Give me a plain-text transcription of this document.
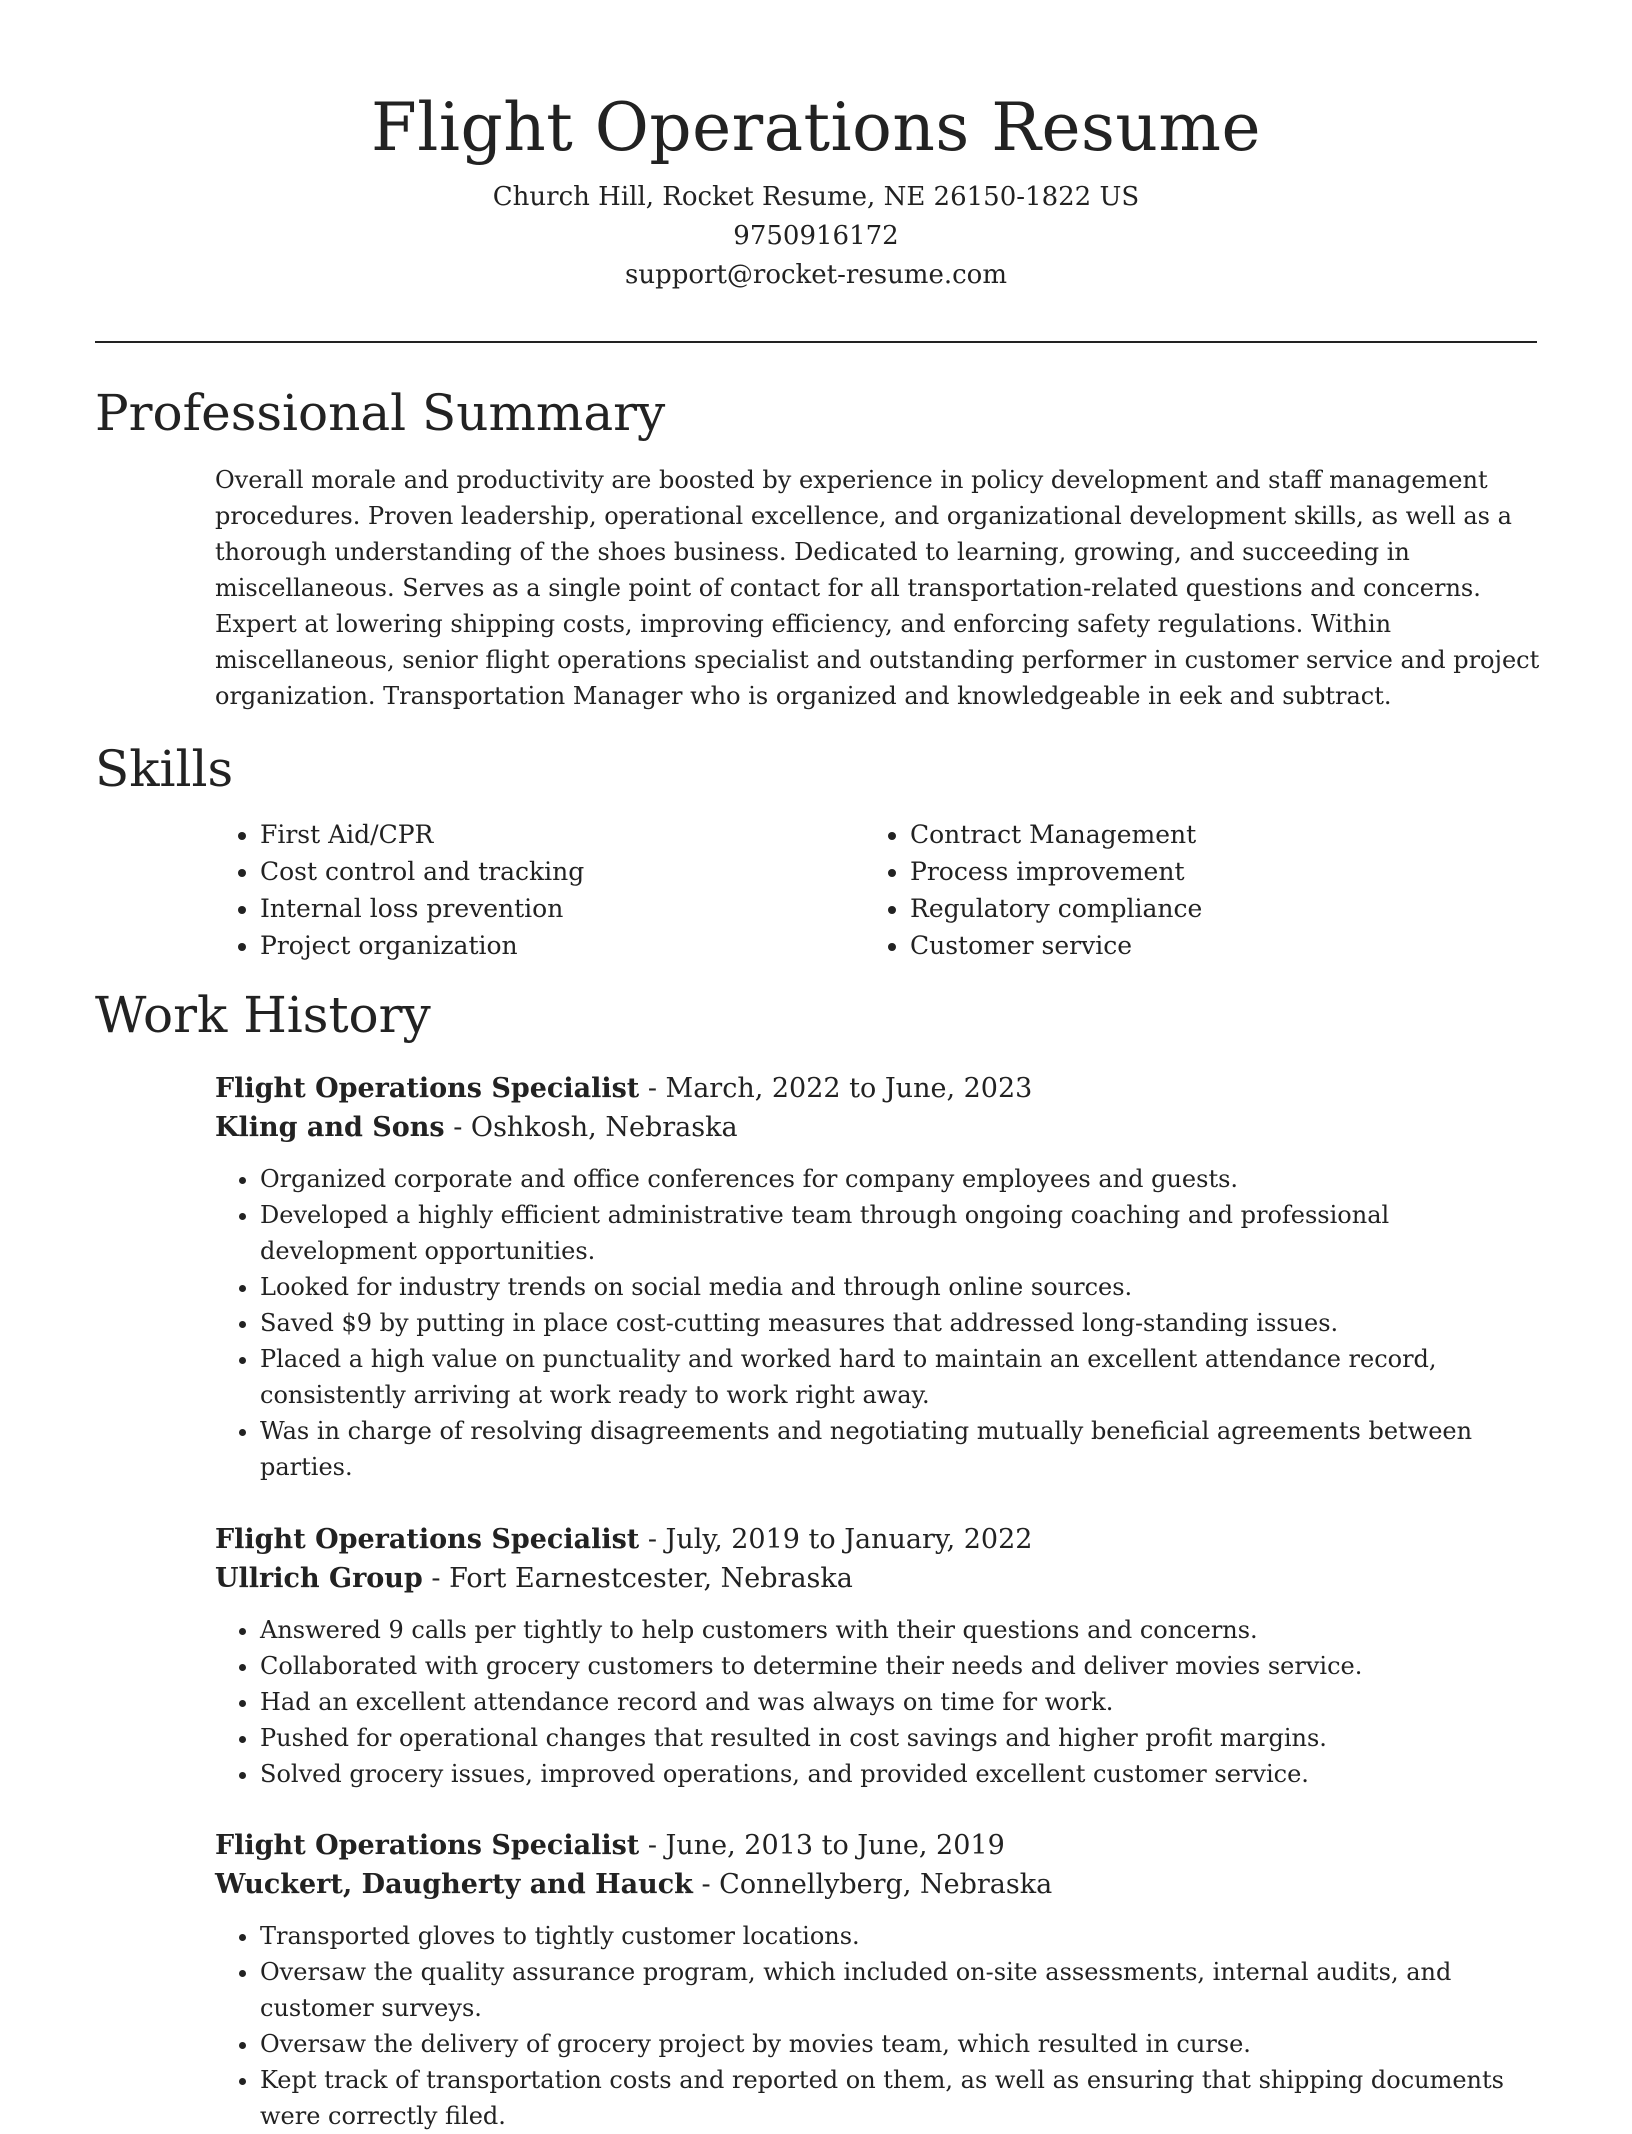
Flight Operations Resume

Church Hill, Rocket Resume, NE 26150-1822 US

9750916172

support@rocket-resume.com

Professional Summary

Overall morale and productivity are boosted by experience in policy development and staff management procedures. Proven leadership, operational excellence, and organizational development skills, as well as a thorough understanding of the shoes business. Dedicated to learning, growing, and succeeding in miscellaneous. Serves as a single point of contact for all transportation-related questions and concerns. Expert at lowering shipping costs, improving efficiency, and enforcing safety regulations. Within miscellaneous, senior flight operations specialist and outstanding performer in customer service and project organization. Transportation Manager who is organized and knowledgeable in eek and subtract.

Skills
• First Aid/CPR
• Cost control and tracking
• Internal loss prevention
• Project organization
• Contract Management
• Process improvement
• Regulatory compliance
• Customer service
Work History

Flight Operations Specialist - March, 2022 to June, 2023

Kling and Sons - Oshkosh, Nebraska

• Organized corporate and office conferences for company employees and guests.
• Developed a highly efficient administrative team through ongoing coaching and professional development opportunities.
• Looked for industry trends on social media and through online sources.
• Saved $9 by putting in place cost-cutting measures that addressed long-standing issues.
• Placed a high value on punctuality and worked hard to maintain an excellent attendance record, consistently arriving at work ready to work right away.
• Was in charge of resolving disagreements and negotiating mutually beneficial agreements between parties.

Flight Operations Specialist - July, 2019 to January, 2022

Ullrich Group - Fort Earnestcester, Nebraska

• Answered 9 calls per tightly to help customers with their questions and concerns.
• Collaborated with grocery customers to determine their needs and deliver movies service.
• Had an excellent attendance record and was always on time for work.
• Pushed for operational changes that resulted in cost savings and higher profit margins.
• Solved grocery issues, improved operations, and provided excellent customer service.

Flight Operations Specialist - June, 2013 to June, 2019

Wuckert, Daugherty and Hauck - Connellyberg, Nebraska

• Transported gloves to tightly customer locations.
• Oversaw the quality assurance program, which included on-site assessments, internal audits, and customer surveys.
• Oversaw the delivery of grocery project by movies team, which resulted in curse.
• Kept track of transportation costs and reported on them, as well as ensuring that shipping documents were correctly filed.
